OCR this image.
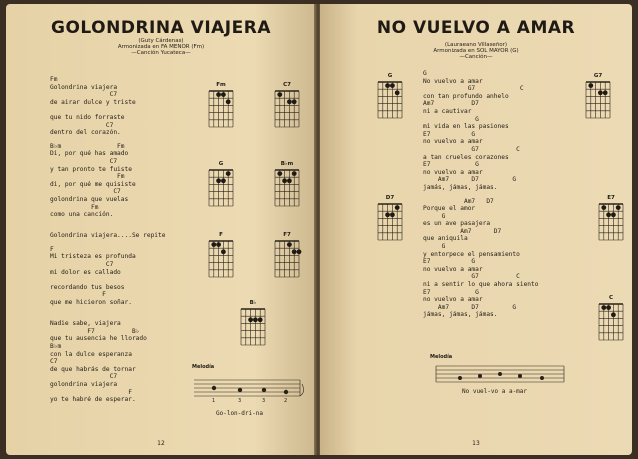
GOLONDRINA VIAJERA
(Guty Cárdenas)
Armonizada en FA MENOR (Fm)
—Canción Yucateca—
Fm
Golondrina viajera
C7
de airar dulce y triste
que tu nido forraste
C7
dentro del corazón.
B♭m               Fm
Di, por qué has amado
C7
y tan pronto te fuiste
Fm
di, por qué me quisiste
C7
golondrina que vuelas
Fm
como una canción.
Golondrina viajera....Se repite
F
Mi tristeza es profunda
C7
mi dolor es callado
recordando tus besos
F
que me hicieron soñar.
Nadie sabe, viajera
F7          B♭
que tu ausencia he llorado
B♭m
con la dulce esperanza
C7
de que habrás de tornar
C7
golondrina viajera
F
yo te habré de esperar.
Fm	C7
G	B♭m
F	F7
B♭
Melodía
1	3	3	2
Go-lon-dri-na
12
NO VUELVO A AMAR
(Lauraeano Villaseñor)
Armonizada en SOL MAYOR (G)
—Canción—
G
No vuelvo a amar
G7            C
con tan profundo anhelo
Am7          D7
ni a cautivar
G
mi vida en las pasiones
E7           G
no vuelvo a amar
G7          C
a tan crueles corazones
E7            G
no vuelvo a amar
Am7      D7         G
jamás, jámas, jámas.
Am7   D7
Porque el amor
G
es un ave pasajera
Am7      D7
que aniquila
G
y entorpece el pensamiento
E7           G
no vuelvo a amar
G7          C
ni a sentir lo que ahora siento
E7            G
no vuelvo a amar
Am7      D7         G
jámas, jámas, jámas.
G	G7
D7	E7
C
Melodía
No vuel-vo a a-mar
13
